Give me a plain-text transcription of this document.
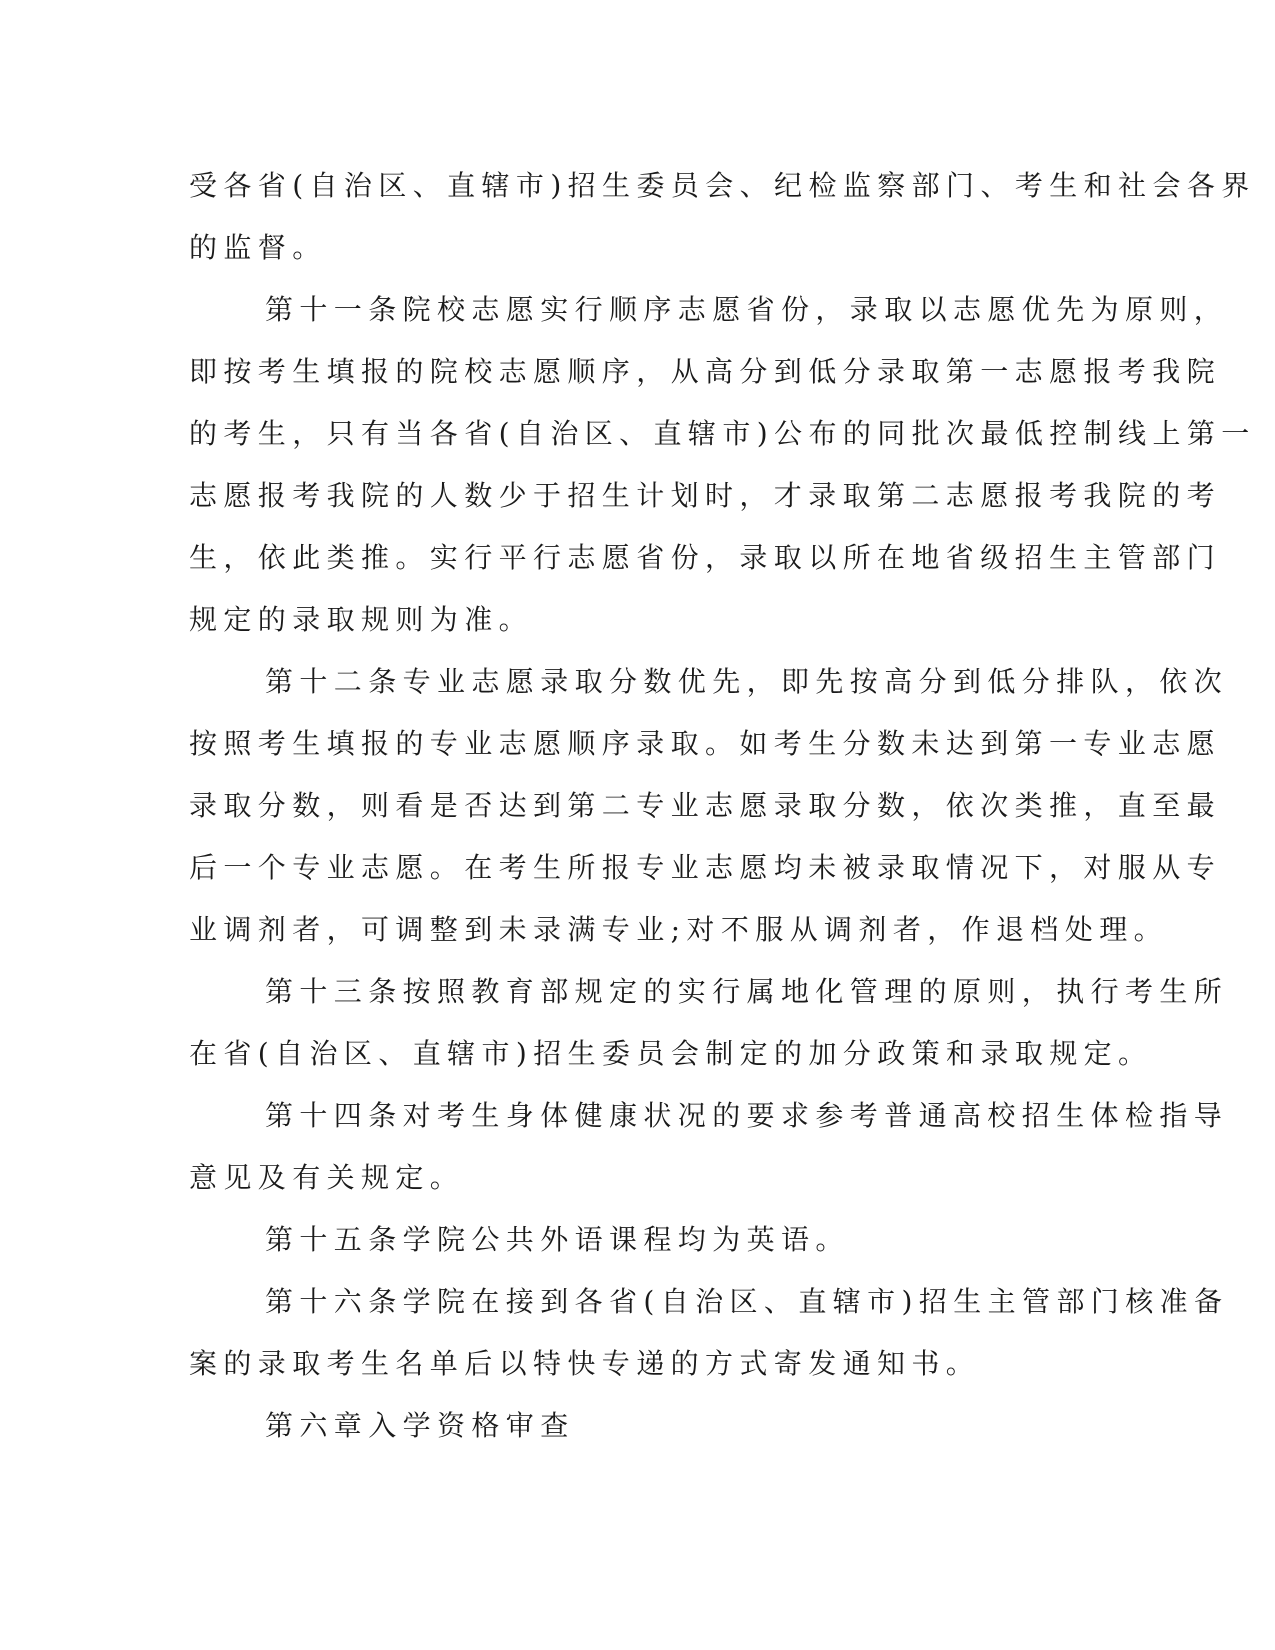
受各省(自治区、直辖市)招生委员会、纪检监察部门、考生和社会各界
的监督。
第十一条院校志愿实行顺序志愿省份，录取以志愿优先为原则，
即按考生填报的院校志愿顺序，从高分到低分录取第一志愿报考我院
的考生，只有当各省(自治区、直辖市)公布的同批次最低控制线上第一
志愿报考我院的人数少于招生计划时，才录取第二志愿报考我院的考
生，依此类推。实行平行志愿省份，录取以所在地省级招生主管部门
规定的录取规则为准。
第十二条专业志愿录取分数优先，即先按高分到低分排队，依次
按照考生填报的专业志愿顺序录取。如考生分数未达到第一专业志愿
录取分数，则看是否达到第二专业志愿录取分数，依次类推，直至最
后一个专业志愿。在考生所报专业志愿均未被录取情况下，对服从专
业调剂者，可调整到未录满专业;对不服从调剂者，作退档处理。
第十三条按照教育部规定的实行属地化管理的原则，执行考生所
在省(自治区、直辖市)招生委员会制定的加分政策和录取规定。
第十四条对考生身体健康状况的要求参考普通高校招生体检指导
意见及有关规定。
第十五条学院公共外语课程均为英语。
第十六条学院在接到各省(自治区、直辖市)招生主管部门核准备
案的录取考生名单后以特快专递的方式寄发通知书。
第六章入学资格审查
